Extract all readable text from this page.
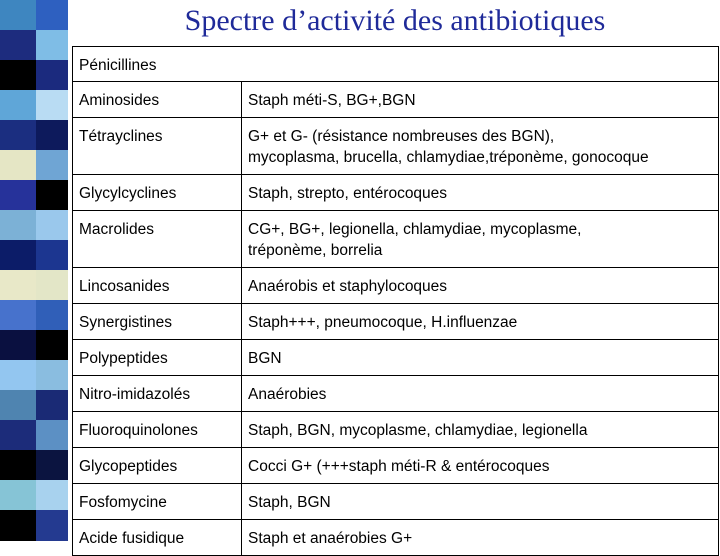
Spectre d’activité des antibiotiques
Pénicillines	
Aminosides	Staph méti-S, BG+,BGN

Tétrayclines	G+ et G- (résistance nombreuses des BGN),
mycoplasma, brucella, chlamydiae,tréponème, gonocoque

Glycylcyclines	Staph, strepto, entérocoques

Macrolides	CG+, BG+, legionella, chlamydiae, mycoplasme,
tréponème, borrelia

Lincosanides	Anaérobis et staphylocoques

Synergistines	Staph+++, pneumocoque, H.influenzae

Polypeptides	BGN

Nitro-imidazolés	Anaérobies

Fluoroquinolones	Staph, BGN, mycoplasme, chlamydiae, legionella

Glycopeptides	Cocci G+ (+++staph méti-R & entérocoques

Fosfomycine	Staph, BGN

Acide fusidique	Staph et anaérobies G+
